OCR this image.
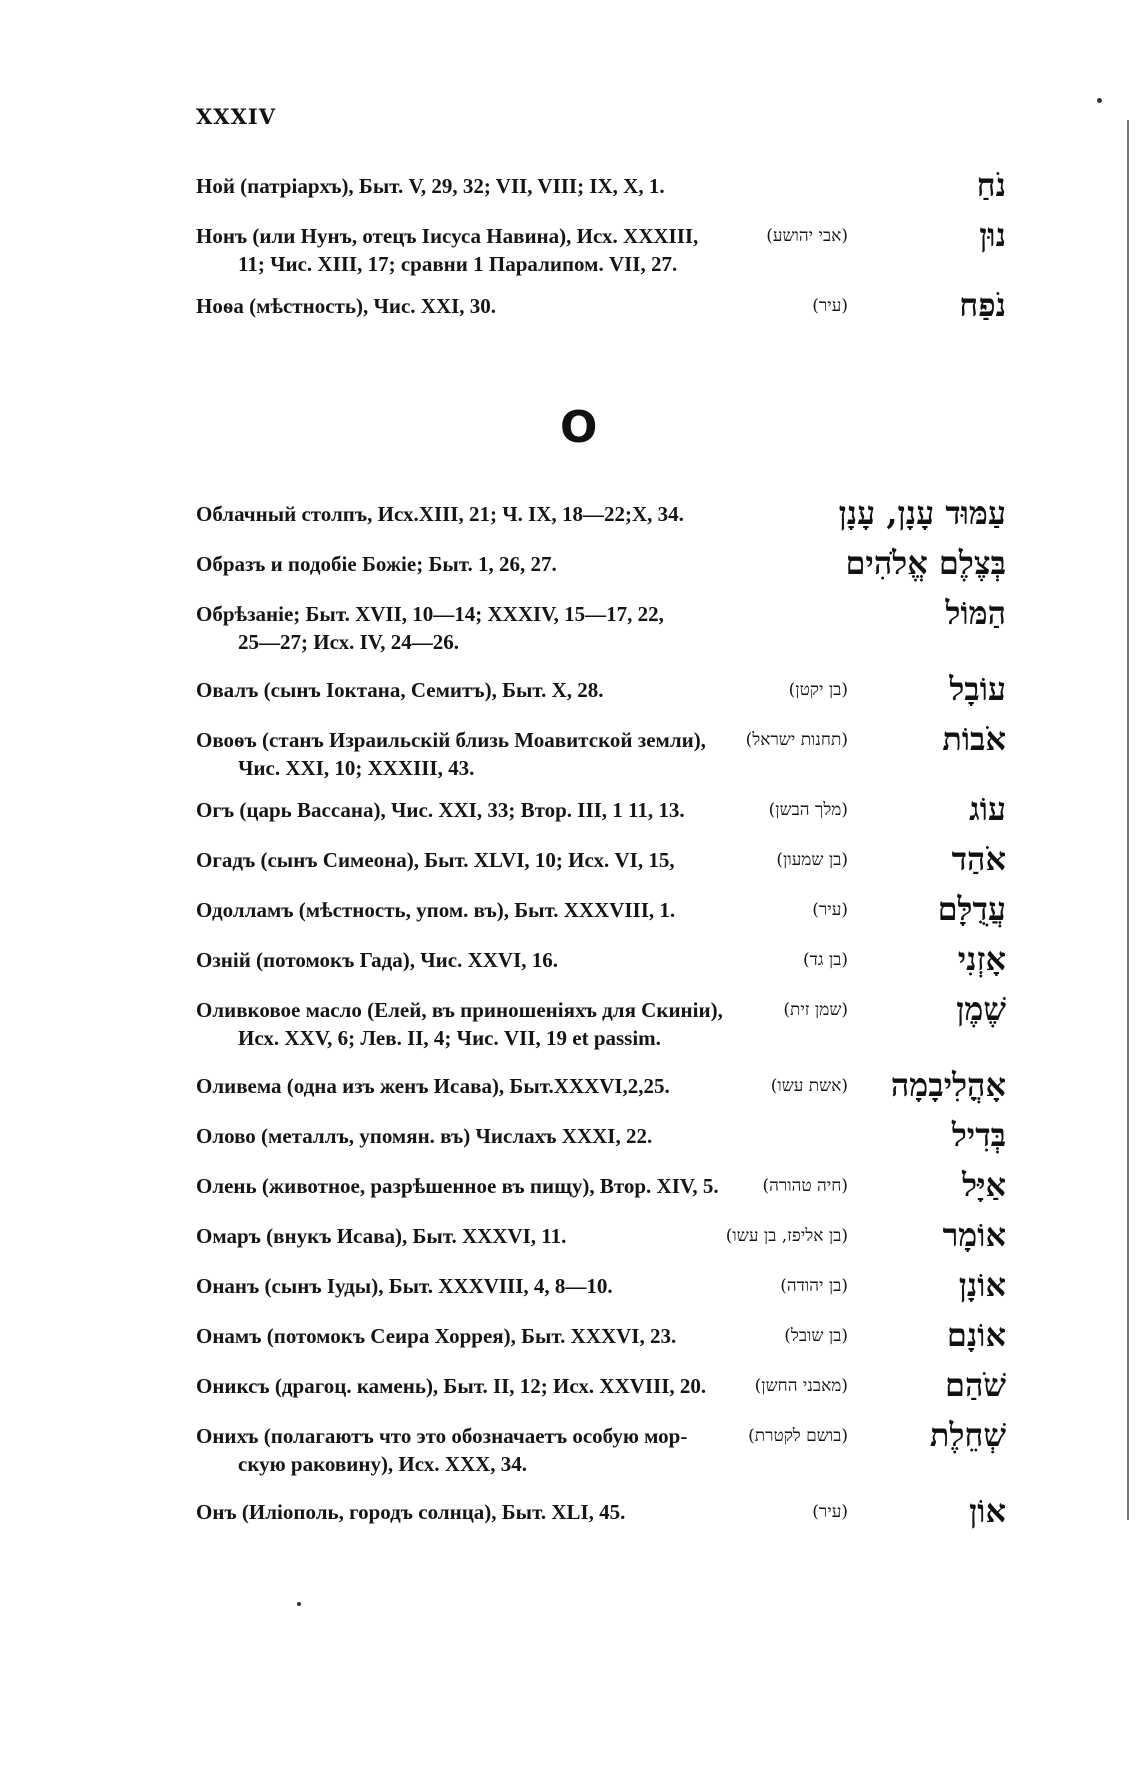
XXXIV
О
Ной (патріархъ), Быт. V, 29, 32; VII, VIII; IX, X, 1.	נֹחַ
Нонъ (или Нунъ, отецъ Іисуса Навина), Исх. XXXIII,
11; Чис. XIII, 17; сравни 1 Паралипом. VII, 27.
(אבי יהושע)	נוּן
Ноѳа (мѣстность), Чис. XXI, 30.	(עיר)	נֹפַח
Облачный столпъ, Исх.XIII, 21; Ч. IX, 18—22;X, 34.	עַמּוּד עָנָן, עָנָן
Образъ и подобіе Божіе; Быт. 1, 26, 27.	בְּצֶלֶם אֱלֹהִים
Обрѣзаніе; Быт. XVII, 10—14; XXXIV, 15—17, 22,
25—27; Исх. IV, 24—26.
הַמּוֹל
Овалъ (сынъ Іоктана, Семитъ), Быт. X, 28.	(בן יקטן)	עוֹבָל
Овоѳъ (станъ Израильскій близь Моавитской земли),
Чис. XXI, 10; XXXIII, 43.
(תחנות ישראל)	אֹבוֹת
Огъ (царь Вассана), Чис. XXI, 33; Втор. III, 1 11, 13.	(מלך הבשן)	עוֹג
Огадъ (сынъ Симеона), Быт. XLVI, 10; Исх. VI, 15,	(בן שמעון)	אֹהַד
Одолламъ (мѣстность, упом. въ), Быт. XXXVIII, 1.	(עיר)	עֲדֻלָּם
Озній (потомокъ Гада), Чис. XXVI, 16.	(בן גד)	אָזְנִי
Оливковое масло (Елей, въ приношеніяхъ для Скиніи),
Исх. XXV, 6; Лев. II, 4; Чис. VII, 19 et passim.
(שמן זית)	שֶׁמֶן
Оливема (одна изъ женъ Исава), Быт.XXXVI,2,25.	(אשת עשו) אָהֳלִיבָמָה
Олово (металлъ, упомян. въ) Числахъ XXXI, 22.	בְּדִיל
Олень (животное, разрѣшенное въ пищу), Втор. XIV, 5.	(חיה טהורה)	אַיָּל
Омаръ (внукъ Исава), Быт. XXXVI, 11.	(בן אליפז, בן עשו)	אוֹמָר
Онанъ (сынъ Іуды), Быт. XXXVIII, 4, 8—10.	(בן יהודה)	אוֹנָן
Онамъ (потомокъ Сеира Хоррея), Быт. XXXVI, 23.	(בן שובל)	אוֹנָם
Ониксъ (драгоц. камень), Быт. II, 12; Исх. XXVIII, 20.	(מאבני החשן)	שֹׁהַם
Онихъ (полагаютъ что это обозначаетъ особую мор-
скую раковину), Исх. XXX, 34.
(בושם לקטרת)	שְׁחֵלֶת
Онъ (Иліополь, городъ солнца), Быт. XLI, 45.	(עיר)	אוֹן
